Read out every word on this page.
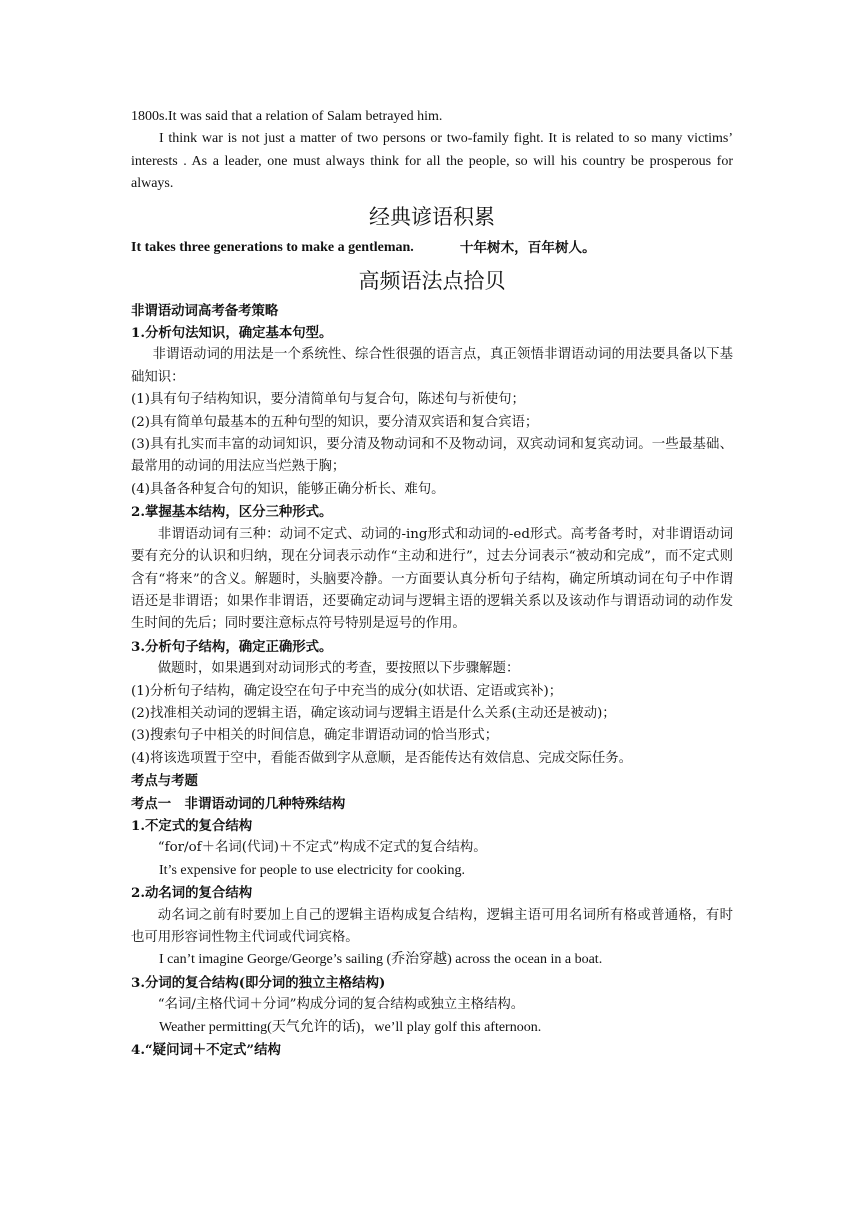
1800s.It was said that a relation of Salam betrayed him.

I think war is not just a matter of two persons or two-family fight. It is related to so many victims’ interests . As a leader, one must always think for all the people, so will his country be prosperous for always.

经典谚语积累
It takes three generations to make a gentleman.	十年树木，百年树人。
高频语法点拾贝

非谓语动词高考备考策略

1.分析句法知识，确定基本句型。

非谓语动词的用法是一个系统性、综合性很强的语言点，真正领悟非谓语动词的用法要具备以下基础知识：

(1)具有句子结构知识，要分清简单句与复合句，陈述句与祈使句；

(2)具有简单句最基本的五种句型的知识，要分清双宾语和复合宾语；

(3)具有扎实而丰富的动词知识，要分清及物动词和不及物动词，双宾动词和复宾动词。一些最基础、最常用的动词的用法应当烂熟于胸；

(4)具备各种复合句的知识，能够正确分析长、难句。

2.掌握基本结构，区分三种形式。

非谓语动词有三种：动词不定式、动词的-ing形式和动词的-ed形式。高考备考时，对非谓语动词要有充分的认识和归纳，现在分词表示动作“主动和进行”，过去分词表示“被动和完成”，而不定式则含有“将来”的含义。解题时，头脑要冷静。一方面要认真分析句子结构，确定所填动词在句子中作谓语还是非谓语；如果作非谓语，还要确定动词与逻辑主语的逻辑关系以及该动作与谓语动词的动作发生时间的先后；同时要注意标点符号特别是逗号的作用。

3.分析句子结构，确定正确形式。

做题时，如果遇到对动词形式的考查，要按照以下步骤解题：

(1)分析句子结构，确定设空在句子中充当的成分(如状语、定语或宾补)；

(2)找准相关动词的逻辑主语，确定该动词与逻辑主语是什么关系(主动还是被动)；

(3)搜索句子中相关的时间信息，确定非谓语动词的恰当形式；

(4)将该选项置于空中，看能否做到字从意顺，是否能传达有效信息、完成交际任务。

考点与考题

考点一　非谓语动词的几种特殊结构

1.不定式的复合结构

“for/of＋名词(代词)＋不定式”构成不定式的复合结构。

It’s expensive for people to use electricity for cooking.

2.动名词的复合结构

动名词之前有时要加上自己的逻辑主语构成复合结构，逻辑主语可用名词所有格或普通格，有时也可用形容词性物主代词或代词宾格。

I can’t imagine George/George’s sailing (乔治穿越) across the ocean in a boat.

3.分词的复合结构(即分词的独立主格结构)

“名词/主格代词＋分词”构成分词的复合结构或独立主格结构。

Weather permitting(天气允许的话)，we’ll play golf this afternoon.

4.“疑问词＋不定式”结构
